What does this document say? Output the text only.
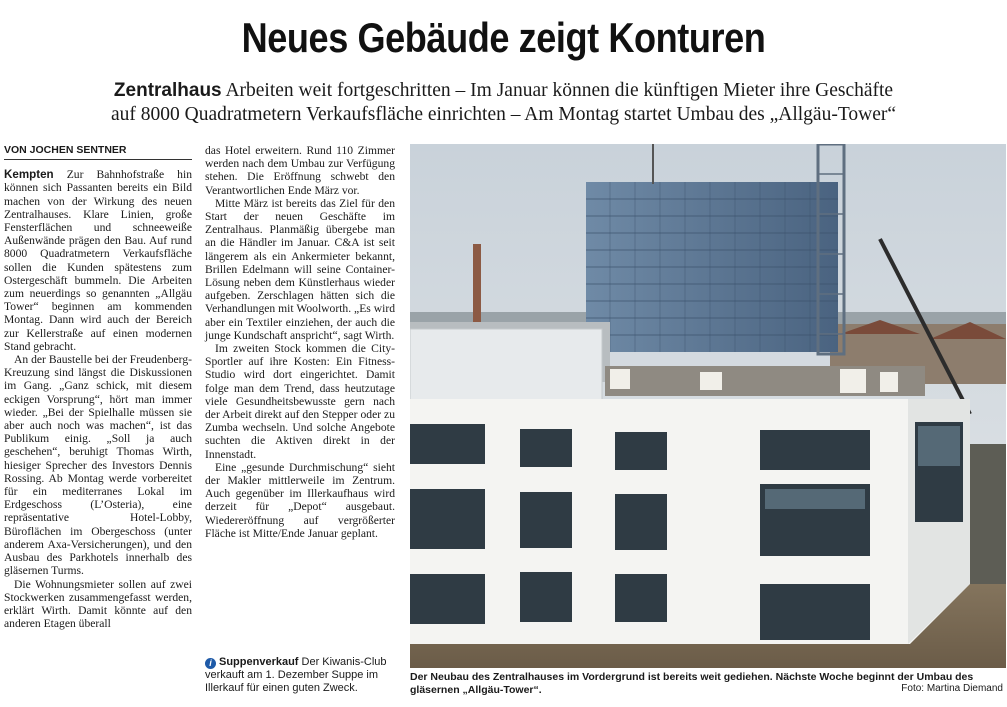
Neues Gebäude zeigt Konturen
Zentralhaus Arbeiten weit fortgeschritten – Im Januar können die künftigen Mieter ihre Geschäfte
auf 8000 Quadratmetern Verkaufsfläche einrichten – Am Montag startet Umbau des „Allgäu-Tower“
VON JOCHEN SENTNER

Kempten Zur Bahnhofstraße hin können sich Passanten bereits ein Bild machen von der Wirkung des neuen Zentralhauses. Klare Linien, große Fensterflächen und schneeweiße Außenwände prägen den Bau. Auf rund 8000 Quadratmetern Verkaufsfläche sollen die Kunden spätestens zum Ostergeschäft bummeln. Die Arbeiten zum neuerdings so genannten „Allgäu Tower“ beginnen am kommenden Montag. Dann wird auch der Bereich zur Kellerstraße auf einen modernen Stand gebracht.

An der Baustelle bei der Freudenberg-Kreuzung sind längst die Diskussionen im Gang. „Ganz schick, mit diesem eckigen Vorsprung“, hört man immer wieder. „Bei der Spielhalle müssen sie aber auch noch was machen“, ist das Publikum einig. „Soll ja auch geschehen“, beruhigt Thomas Wirth, hiesiger Sprecher des Investors Dennis Rossing. Ab Montag werde vorbereitet für ein mediterranes Lokal im Erdgeschoss (L’Osteria), eine repräsentative Hotel-Lobby, Büroflächen im Obergeschoss (unter anderem Axa-Versicherungen), und den Ausbau des Parkhotels innerhalb des gläsernen Turms.

Die Wohnungsmieter sollen auf zwei Stockwerken zusammengefasst werden, erklärt Wirth. Damit könnte auf den anderen Etagen überall

das Hotel erweitern. Rund 110 Zimmer werden nach dem Umbau zur Verfügung stehen. Die Eröffnung schwebt den Verantwortlichen Ende März vor.

Mitte März ist bereits das Ziel für den Start der neuen Geschäfte im Zentralhaus. Planmäßig übergebe man an die Händler im Januar. C&A ist seit längerem als ein Ankermieter bekannt, Brillen Edelmann will seine Container-Lösung neben dem Künstlerhaus wieder aufgeben. Zerschlagen hätten sich die Verhandlungen mit Woolworth. „Es wird aber ein Textiler einziehen, der auch die junge Kundschaft anspricht“, sagt Wirth.

Im zweiten Stock kommen die City-Sportler auf ihre Kosten: Ein Fitness-Studio wird dort eingerichtet. Damit folge man dem Trend, dass heutzutage viele Gesundheitsbewusste gern nach der Arbeit direkt auf den Stepper oder zu Zumba wechseln. Und solche Angebote suchten die Aktiven direkt in der Innenstadt.

Eine „gesunde Durchmischung“ sieht der Makler mittlerweile im Zentrum. Auch gegenüber im Illerkaufhaus wird derzeit für „Depot“ ausgebaut. Wiedereröffnung auf vergrößerter Fläche ist Mitte/Ende Januar geplant.

i Suppenverkauf Der Kiwanis-Club verkauft am 1. Dezember Suppe im Illerkauf für einen guten Zweck.
Der Neubau des Zentralhauses im Vordergrund ist bereits weit gediehen. Nächste Woche beginnt der Umbau des gläsernen „Allgäu-Tower“.	Foto: Martina Diemand
